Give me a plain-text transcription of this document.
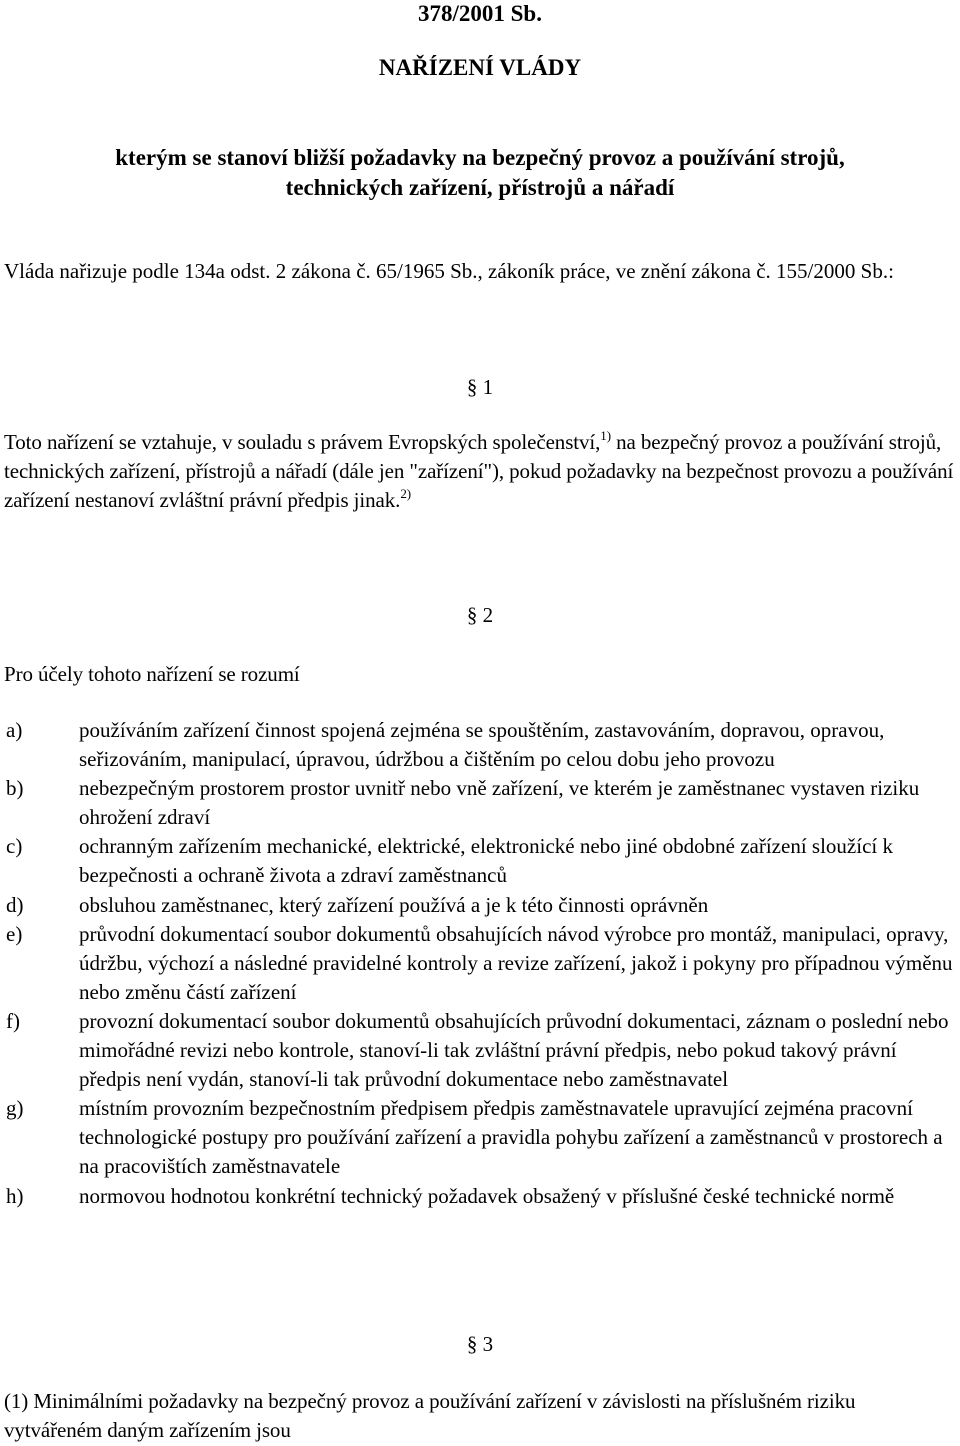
378/2001 Sb.
NAŘÍZENÍ VLÁDY
kterým se stanoví bližší požadavky na bezpečný provoz a používání strojů,
technických zařízení, přístrojů a nářadí
Vláda nařizuje podle 134a odst. 2 zákona č. 65/1965 Sb., zákoník práce, ve znění zákona č. 155/2000 Sb.:
§ 1
Toto nařízení se vztahuje, v souladu s právem Evropských společenství,$^{1)}$ na bezpečný provoz a používání strojů, technických zařízení, přístrojů a nářadí (dále jen "zařízení"), pokud požadavky na bezpečnost provozu a používání zařízení nestanoví zvláštní právní předpis jinak.$^{2)}$
§ 2
Pro účely tohoto nařízení se rozumí
a)	používáním zařízení činnost spojená zejména se spouštěním, zastavováním, dopravou, opravou, seřizováním, manipulací, úpravou, údržbou a čištěním po celou dobu jeho provozu
b)	nebezpečným prostorem prostor uvnitř nebo vně zařízení, ve kterém je zaměstnanec vystaven riziku ohrožení zdraví
c)	ochranným zařízením mechanické, elektrické, elektronické nebo jiné obdobné zařízení sloužící k bezpečnosti a ochraně života a zdraví zaměstnanců
d)	obsluhou zaměstnanec, který zařízení používá a je k této činnosti oprávněn
e)	průvodní dokumentací soubor dokumentů obsahujících návod výrobce pro montáž, manipulaci, opravy, údržbu, výchozí a následné pravidelné kontroly a revize zařízení, jakož i pokyny pro případnou výměnu nebo změnu částí zařízení
f)	provozní dokumentací soubor dokumentů obsahujících průvodní dokumentaci, záznam o poslední nebo mimořádné revizi nebo kontrole, stanoví-li tak zvláštní právní předpis, nebo pokud takový právní předpis není vydán, stanoví-li tak průvodní dokumentace nebo zaměstnavatel
g)	místním provozním bezpečnostním předpisem předpis zaměstnavatele upravující zejména pracovní technologické postupy pro používání zařízení a pravidla pohybu zařízení a zaměstnanců v prostorech a na pracovištích zaměstnavatele
h)	normovou hodnotou konkrétní technický požadavek obsažený v příslušné české technické normě
§ 3
(1) Minimálními požadavky na bezpečný provoz a používání zařízení v závislosti na příslušném riziku vytvářeném daným zařízením jsou
